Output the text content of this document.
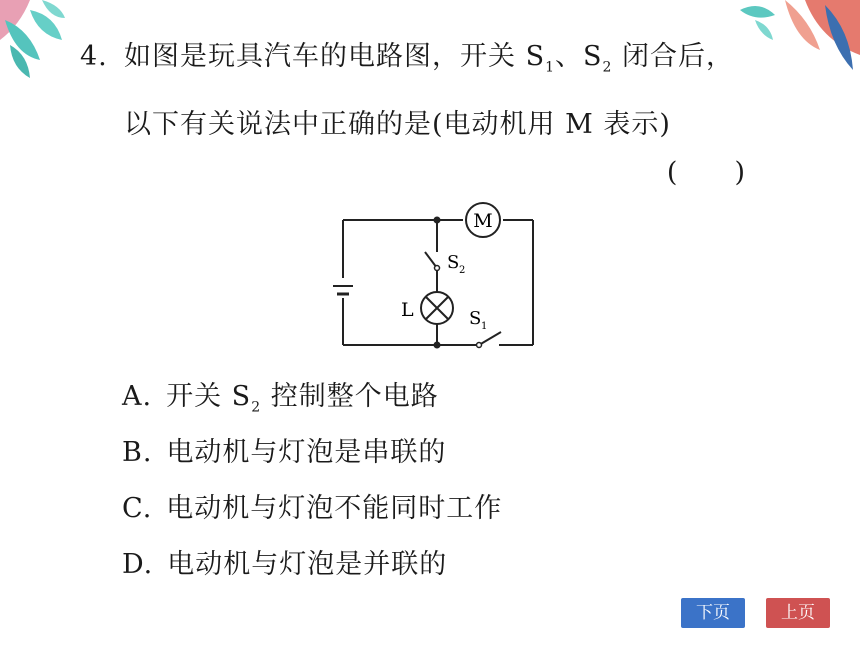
4. 如图是玩具汽车的电路图，开关 $S_1$、$S_2$ 闭合后，以下有关说法中正确的是(电动机用 M 表示)
(　　)
M
L
S 2
S 1
A. 开关 $S_2$ 控制整个电路
B. 电动机与灯泡是串联的
C. 电动机与灯泡不能同时工作
D. 电动机与灯泡是并联的
下页	上页
